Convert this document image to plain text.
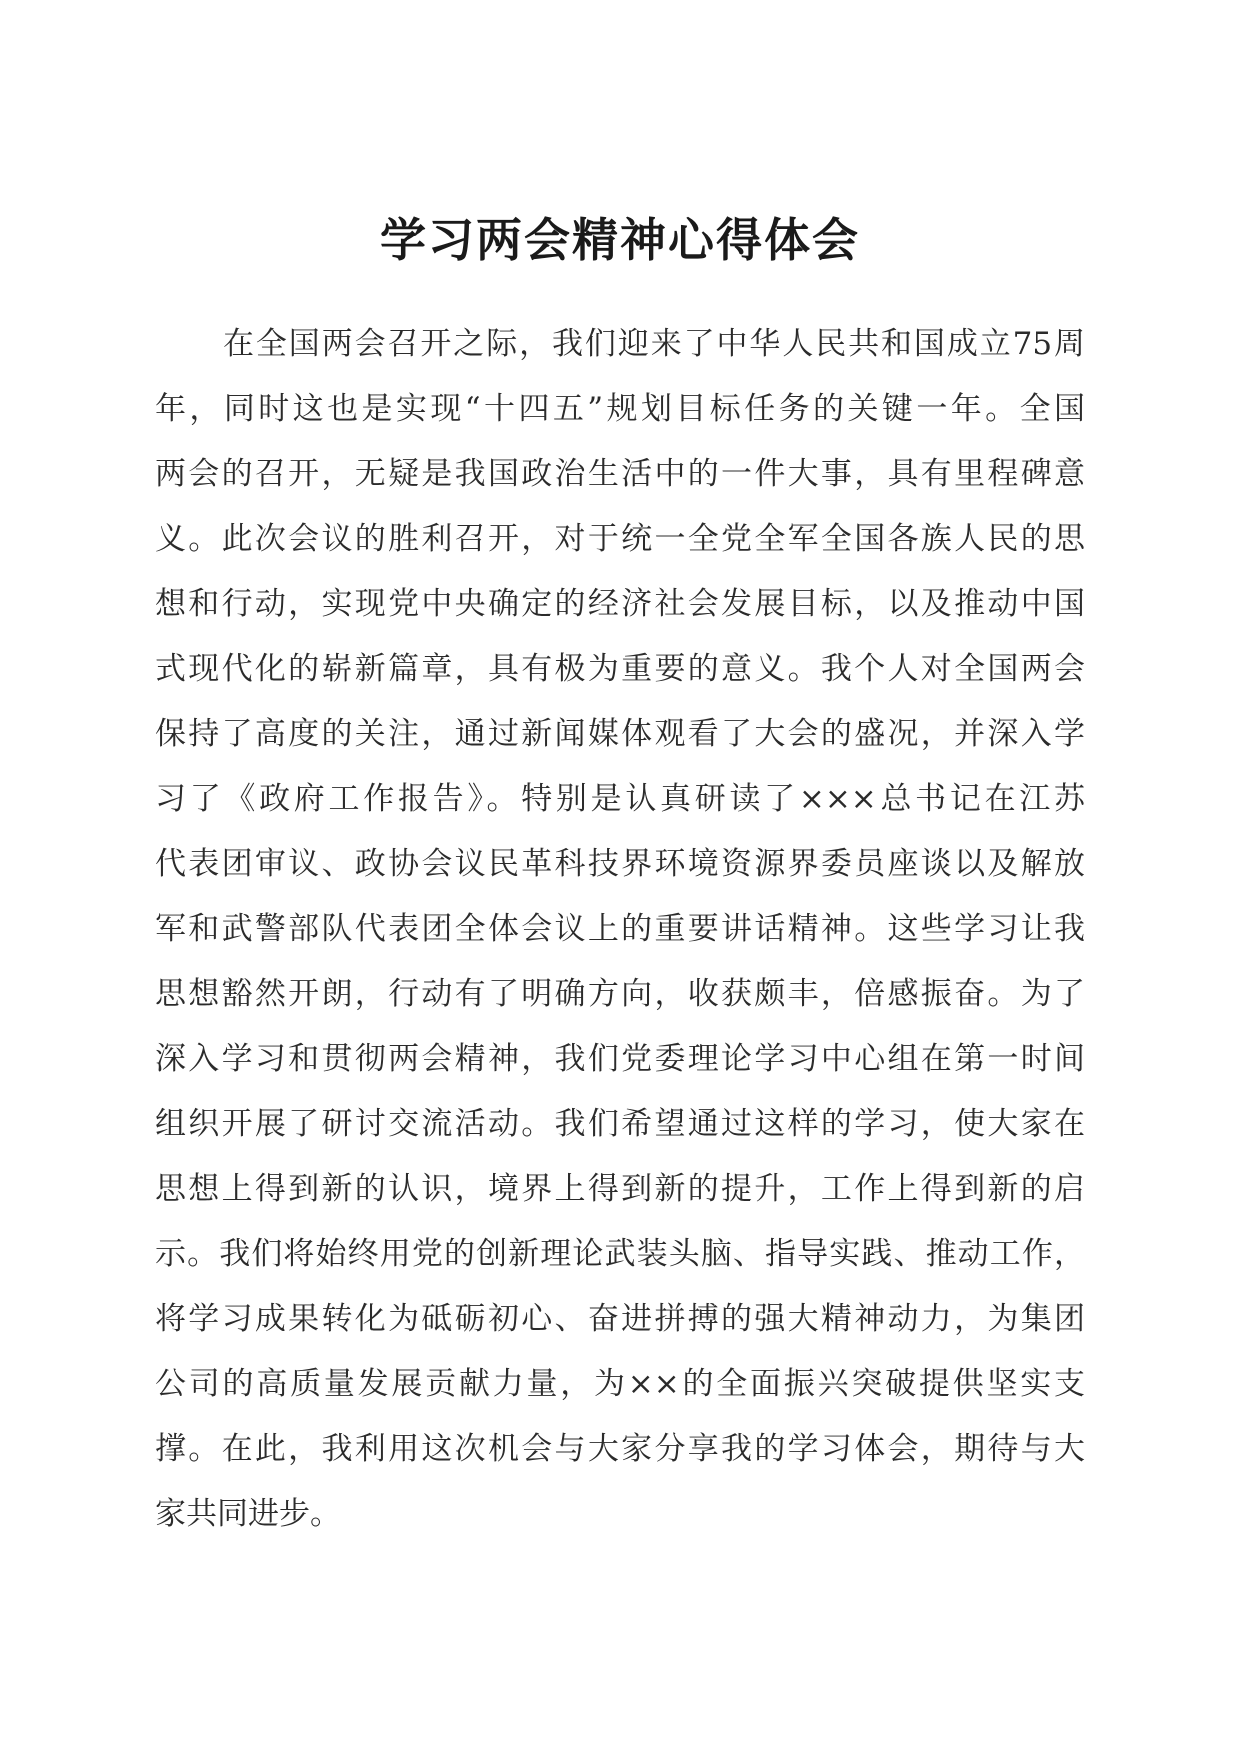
学习两会精神心得体会
在全国两会召开之际，我们迎来了中华人民共和国成立75周
年，同时这也是实现“十四五”规划目标任务的关键一年。全国
两会的召开，无疑是我国政治生活中的一件大事，具有里程碑意
义。此次会议的胜利召开，对于统一全党全军全国各族人民的思
想和行动，实现党中央确定的经济社会发展目标，以及推动中国
式现代化的崭新篇章，具有极为重要的意义。我个人对全国两会
保持了高度的关注，通过新闻媒体观看了大会的盛况，并深入学
习了《政府工作报告》。特别是认真研读了×××总书记在江苏
代表团审议、政协会议民革科技界环境资源界委员座谈以及解放
军和武警部队代表团全体会议上的重要讲话精神。这些学习让我
思想豁然开朗，行动有了明确方向，收获颇丰，倍感振奋。为了
深入学习和贯彻两会精神，我们党委理论学习中心组在第一时间
组织开展了研讨交流活动。我们希望通过这样的学习，使大家在
思想上得到新的认识，境界上得到新的提升，工作上得到新的启
示。我们将始终用党的创新理论武装头脑、指导实践、推动工作，
将学习成果转化为砥砺初心、奋进拼搏的强大精神动力，为集团
公司的高质量发展贡献力量，为××的全面振兴突破提供坚实支
撑。在此，我利用这次机会与大家分享我的学习体会，期待与大
家共同进步。
